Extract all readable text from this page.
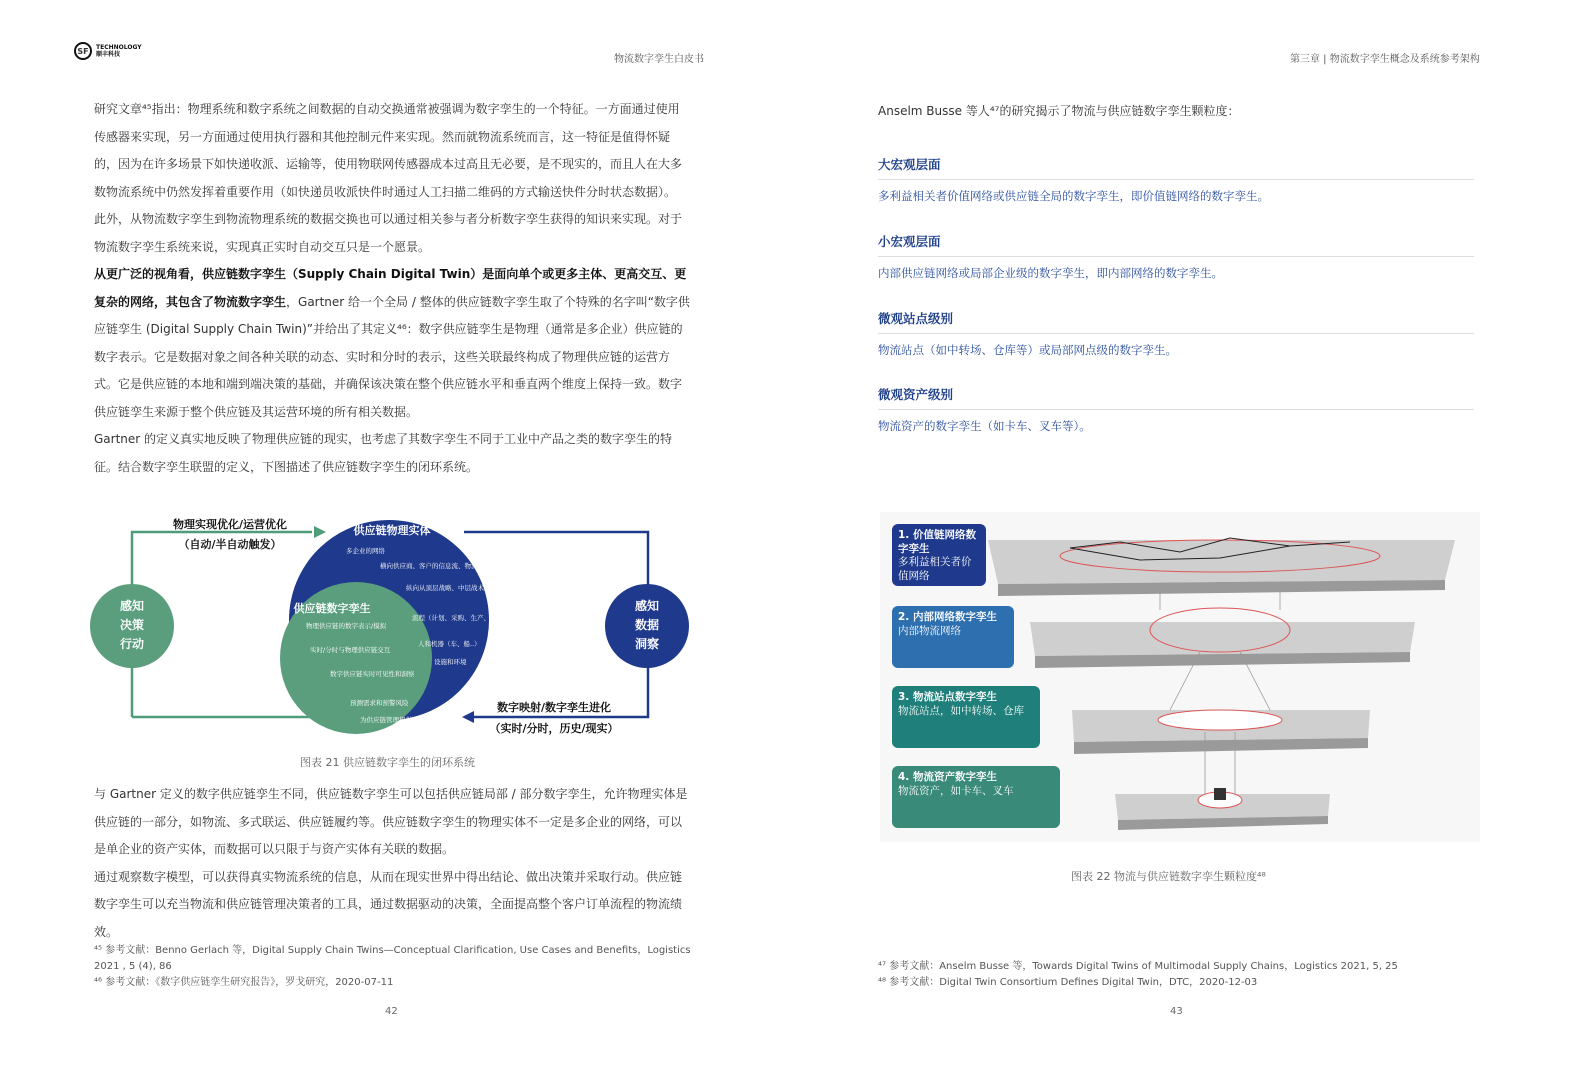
SF	TECHNOLOGY
顺丰科技	物流数字孪生白皮书

研究文章⁴⁵指出：物理系统和数字系统之间数据的自动交换通常被强调为数字孪生的一个特征。一方面通过使用传感器来实现，另一方面通过使用执行器和其他控制元件来实现。然而就物流系统而言，这一特征是值得怀疑的，因为在许多场景下如快递收派、运输等，使用物联网传感器成本过高且无必要，是不现实的，而且人在大多数物流系统中仍然发挥着重要作用（如快递员收派快件时通过人工扫描二维码的方式输送快件分时状态数据）。

此外，从物流数字孪生到物流物理系统的数据交换也可以通过相关参与者分析数字孪生获得的知识来实现。对于物流数字孪生系统来说，实现真正实时自动交互只是一个愿景。

从更广泛的视角看，供应链数字孪生（Supply Chain Digital Twin）是面向单个或更多主体、更高交互、更复杂的网络，其包含了物流数字孪生，Gartner 给一个全局 / 整体的供应链数字孪生取了个特殊的名字叫“数字供应链孪生 (Digital Supply Chain Twin)”并给出了其定义⁴⁶：数字供应链孪生是物理（通常是多企业）供应链的数字表示。它是数据对象之间各种关联的动态、实时和分时的表示，这些关联最终构成了物理供应链的运营方式。它是供应链的本地和端到端决策的基础，并确保该决策在整个供应链水平和垂直两个维度上保持一致。数字供应链孪生来源于整个供应链及其运营环境的所有相关数据。

Gartner 的定义真实地反映了物理供应链的现实，也考虑了其数字孪生不同于工业中产品之类的数字孪生的特征。结合数字孪生联盟的定义，下图描述了供应链数字孪生的闭环系统。

物理实现优化/运营优化
（自动/半自动触发）
数字映射/数字孪生进化
（实时/分时，历史/现实）
感知
决策
行动
感知
数据
洞察
供应链物理实体
多企业的网络
横向供应商、客户的信息流、物流和资金流
纵向从顶层战略、中层战术到基层执行的组织
流程（计划、采购、生产、交付和退货）
人和机器（车、船..）
设施和环境
供应链数字孪生
物理供应链的数字表示/模拟
实时/分时与物理供应链交互
数字供应链实时可见性和洞察
预测需求和预警风险
为供应链管理提供决策
图表 21 供应链数字孪生的闭环系统

与 Gartner 定义的数字供应链孪生不同，供应链数字孪生可以包括供应链局部 / 部分数字孪生，允许物理实体是供应链的一部分，如物流、多式联运、供应链履约等。供应链数字孪生的物理实体不一定是多企业的网络，可以是单企业的资产实体，而数据可以只限于与资产实体有关联的数据。

通过观察数字模型，可以获得真实物流系统的信息，从而在现实世界中得出结论、做出决策并采取行动。供应链数字孪生可以充当物流和供应链管理决策者的工具，通过数据驱动的决策，全面提高整个客户订单流程的物流绩效。

⁴⁵ 参考文献：Benno Gerlach 等，Digital Supply Chain Twins—Conceptual Clarification, Use Cases and Benefits，Logistics 2021 , 5 (4), 86
⁴⁶ 参考文献：《数字供应链孪生研究报告》，罗戈研究，2020-07-11
42
第三章 | 物流数字孪生概念及系统参考架构
Anselm Busse 等人⁴⁷的研究揭示了物流与供应链数字孪生颗粒度：
大宏观层面
多利益相关者价值网络或供应链全局的数字孪生，即价值链网络的数字孪生。
小宏观层面
内部供应链网络或局部企业级的数字孪生，即内部网络的数字孪生。
微观站点级别
物流站点（如中转场、仓库等）或局部网点级的数字孪生。
微观资产级别
物流资产的数字孪生（如卡车、叉车等）。
1. 价值链网络数字孪生
多利益相关者价值网络
2. 内部网络数字孪生
内部物流网络
3. 物流站点数字孪生
物流站点，如中转场、仓库
4. 物流资产数字孪生
物流资产，如卡车、叉车
图表 22 物流与供应链数字孪生颗粒度⁴⁸
⁴⁷ 参考文献：Anselm Busse 等，Towards Digital Twins of Multimodal Supply Chains，Logistics 2021, 5, 25
⁴⁸ 参考文献：Digital Twin Consortium Defines Digital Twin，DTC，2020-12-03
43
